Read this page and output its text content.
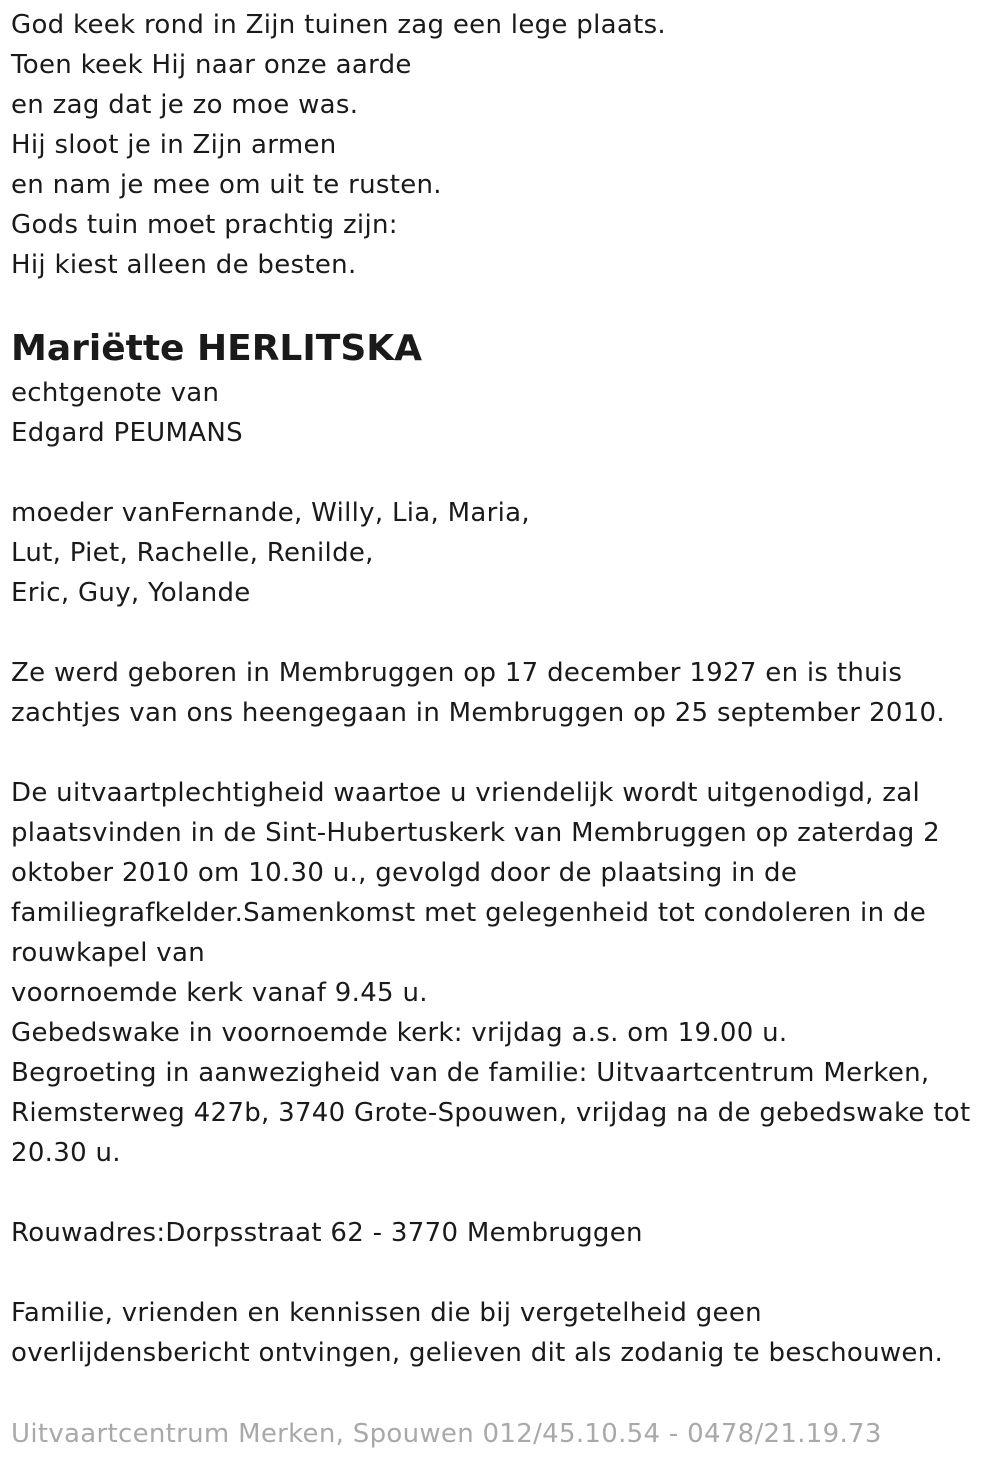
God keek rond in Zijn tuinen zag een lege plaats.
Toen keek Hij naar onze aarde
en zag dat je zo moe was.
Hij sloot je in Zijn armen
en nam je mee om uit te rusten.
Gods tuin moet prachtig zijn:
Hij kiest alleen de besten.
Mariëtte HERLITSKA
echtgenote van
Edgard PEUMANS
moeder vanFernande, Willy, Lia, Maria,
Lut, Piet, Rachelle, Renilde,
Eric, Guy, Yolande
Ze werd geboren in Membruggen op 17 december 1927 en is thuis
zachtjes van ons heengegaan in Membruggen op 25 september 2010.
De uitvaartplechtigheid waartoe u vriendelijk wordt uitgenodigd, zal
plaatsvinden in de Sint-Hubertuskerk van Membruggen op zaterdag 2
oktober 2010 om 10.30 u., gevolgd door de plaatsing in de
familiegrafkelder.Samenkomst met gelegenheid tot condoleren in de
rouwkapel van
voornoemde kerk vanaf 9.45 u.
Gebedswake in voornoemde kerk: vrijdag a.s. om 19.00 u.
Begroeting in aanwezigheid van de familie: Uitvaartcentrum Merken,
Riemsterweg 427b, 3740 Grote-Spouwen, vrijdag na de gebedswake tot
20.30 u.
Rouwadres:Dorpsstraat 62 - 3770 Membruggen
Familie, vrienden en kennissen die bij vergetelheid geen
overlijdensbericht ontvingen, gelieven dit als zodanig te beschouwen.
Uitvaartcentrum Merken, Spouwen 012/45.10.54 - 0478/21.19.73
